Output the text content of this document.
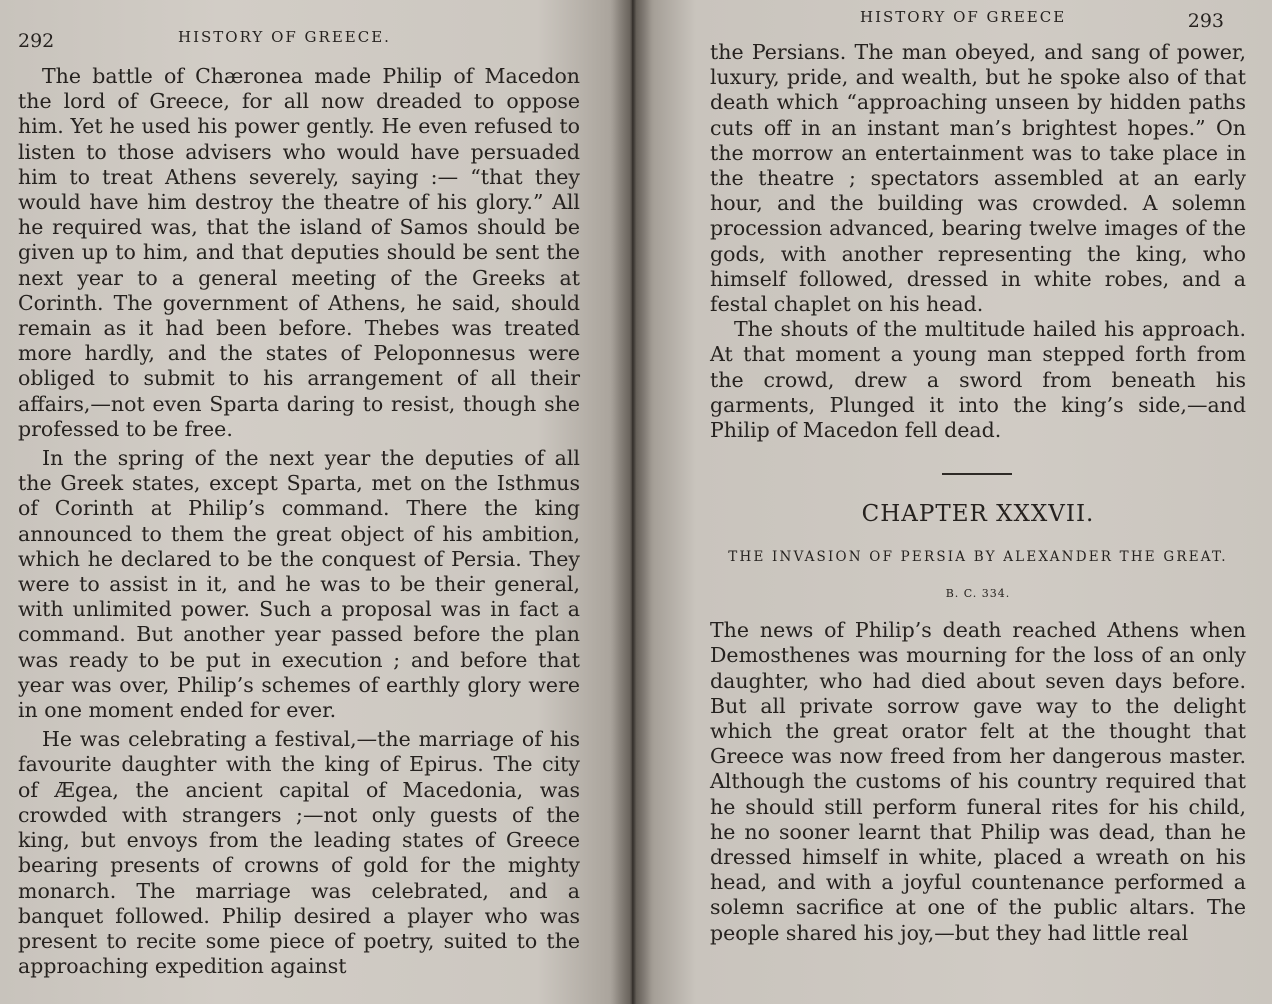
292	HISTORY OF GREECE.

The battle of Chæronea made Philip of Macedon the lord of Greece, for all now dreaded to oppose him. Yet he used his power gently. He even refused to listen to those advisers who would have persuaded him to treat Athens severely, saying :— “that they would have him destroy the theatre of his glory.” All he required was, that the island of Samos should be given up to him, and that deputies should be sent the next year to a general meeting of the Greeks at Corinth. The government of Athens, he said, should remain as it had been before. Thebes was treated more hardly, and the states of Peloponnesus were obliged to submit to his arrangement of all their affairs,—not even Sparta daring to resist, though she professed to be free.

In the spring of the next year the deputies of all the Greek states, except Sparta, met on the Isthmus of Corinth at Philip’s command. There the king announced to them the great object of his ambition, which he declared to be the conquest of Persia. They were to assist in it, and he was to be their general, with unlimited power. Such a proposal was in fact a command. But another year passed before the plan was ready to be put in execution ; and before that year was over, Philip’s schemes of earthly glory were in one moment ended for ever.

He was celebrating a festival,—the marriage of his favourite daughter with the king of Epirus. The city of Ægea, the ancient capital of Macedonia, was crowded with strangers ;—not only guests of the king, but envoys from the leading states of Greece bearing presents of crowns of gold for the mighty monarch. The marriage was celebrated, and a banquet followed. Philip desired a player who was present to recite some piece of poetry, suited to the approaching expedition against

HISTORY OF GREECE	293

the Persians. The man obeyed, and sang of power, luxury, pride, and wealth, but he spoke also of that death which “approaching unseen by hidden paths cuts off in an instant man’s brightest hopes.” On the morrow an entertainment was to take place in the theatre ; spectators assembled at an early hour, and the building was crowded. A solemn procession advanced, bearing twelve images of the gods, with another representing the king, who himself followed, dressed in white robes, and a festal chaplet on his head.

The shouts of the multitude hailed his approach. At that moment a young man stepped forth from the crowd, drew a sword from beneath his garments, Plunged it into the king’s side,—and Philip of Macedon fell dead.

CHAPTER XXXVII.
THE INVASION OF PERSIA BY ALEXANDER THE GREAT.
B. C. 334.

The news of Philip’s death reached Athens when Demosthenes was mourning for the loss of an only daughter, who had died about seven days before. But all private sorrow gave way to the delight which the great orator felt at the thought that Greece was now freed from her dangerous master. Although the customs of his country required that he should still perform funeral rites for his child, he no sooner learnt that Philip was dead, than he dressed himself in white, placed a wreath on his head, and with a joyful countenance performed a solemn sacrifice at one of the public altars. The people shared his joy,—but they had little real
